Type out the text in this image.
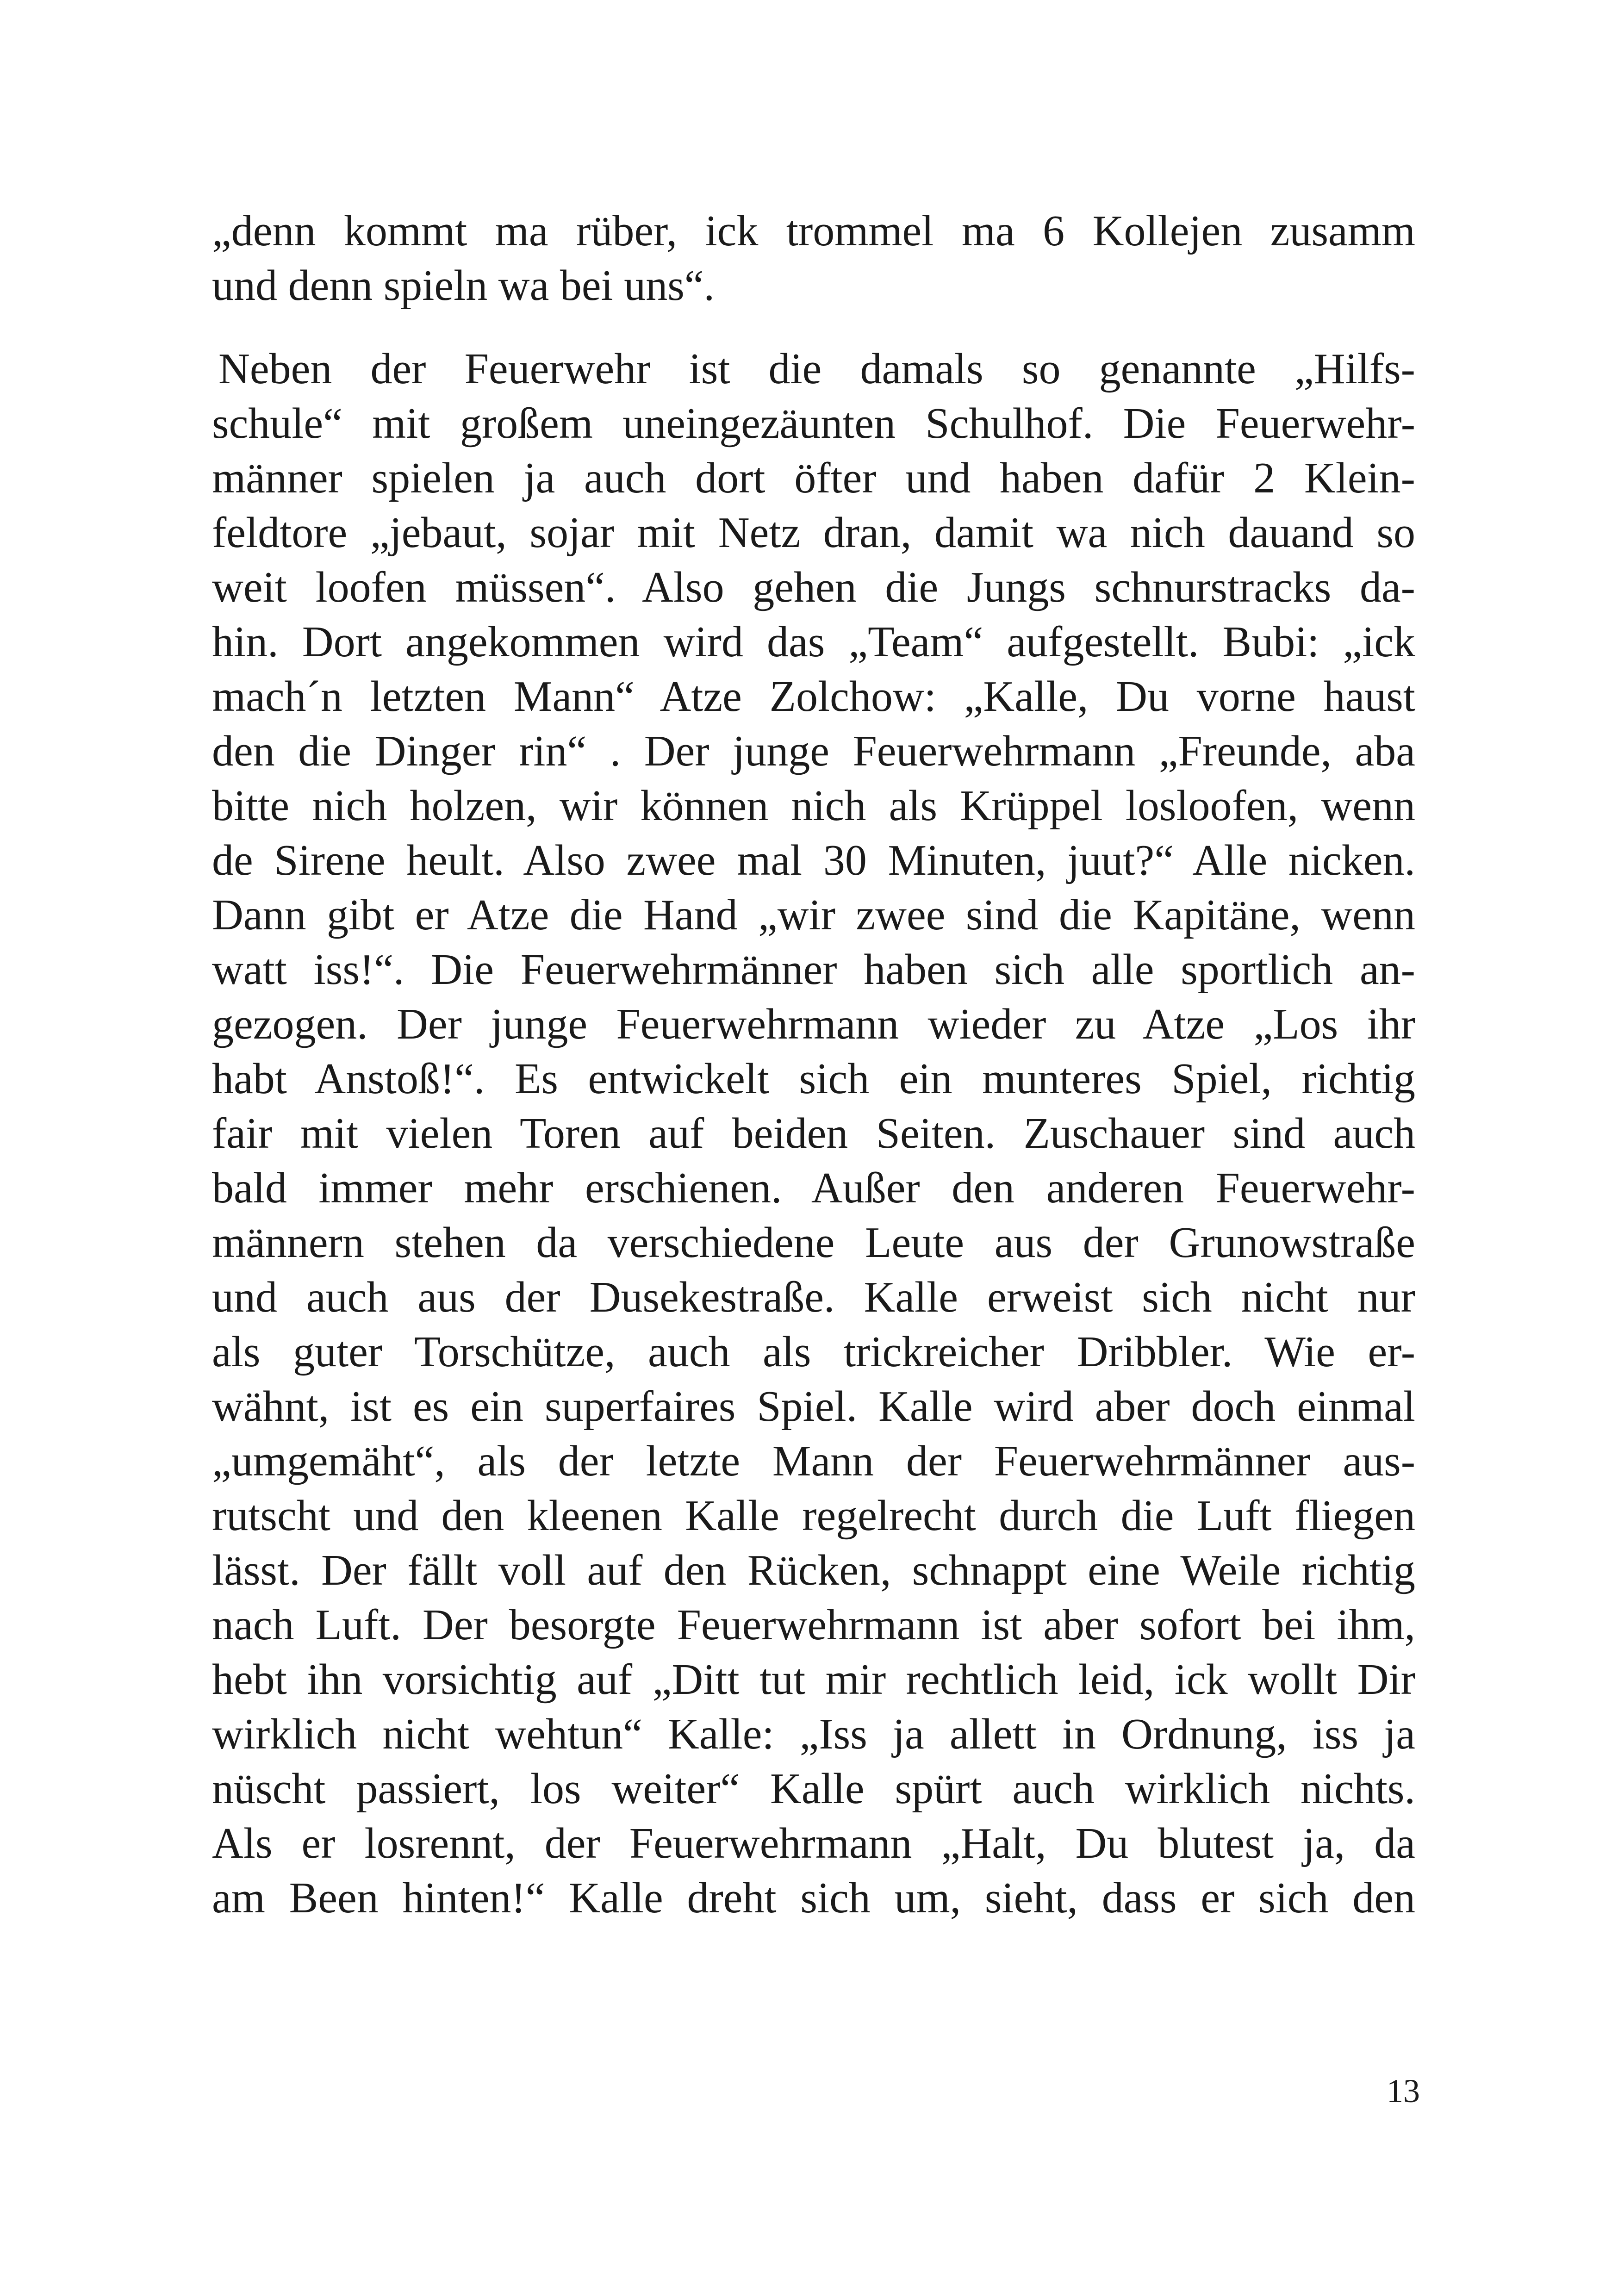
„denn kommt ma rüber, ick trommel ma 6 Kollejen zusamm

und denn spieln wa bei uns“.

Neben der Feuerwehr ist die damals so genannte „Hilfs-

schule“ mit großem uneingezäunten Schulhof. Die Feuerwehr-

männer spielen ja auch dort öfter und haben dafür 2 Klein-

feldtore „jebaut, sojar mit Netz dran, damit wa nich dauand so

weit loofen müssen“. Also gehen die Jungs schnurstracks da-

hin. Dort angekommen wird das „Team“ aufgestellt. Bubi: „ick

mach´n letzten Mann“ Atze Zolchow: „Kalle, Du vorne haust

den die Dinger rin“ . Der junge Feuerwehrmann „Freunde, aba

bitte nich holzen, wir können nich als Krüppel losloofen, wenn

de Sirene heult. Also zwee mal 30 Minuten, juut?“ Alle nicken.

Dann gibt er Atze die Hand „wir zwee sind die Kapitäne, wenn

watt iss!“. Die Feuerwehrmänner haben sich alle sportlich an-

gezogen. Der junge Feuerwehrmann wieder zu Atze „Los ihr

habt Anstoß!“. Es entwickelt sich ein munteres Spiel, richtig

fair mit vielen Toren auf beiden Seiten. Zuschauer sind auch

bald immer mehr erschienen. Außer den anderen Feuerwehr-

männern stehen da verschiedene Leute aus der Grunowstraße

und auch aus der Dusekestraße. Kalle erweist sich nicht nur

als guter Torschütze, auch als trickreicher Dribbler. Wie er-

wähnt, ist es ein superfaires Spiel. Kalle wird aber doch einmal

„umgemäht“, als der letzte Mann der Feuerwehrmänner aus-

rutscht und den kleenen Kalle regelrecht durch die Luft fliegen

lässt. Der fällt voll auf den Rücken, schnappt eine Weile richtig

nach Luft. Der besorgte Feuerwehrmann ist aber sofort bei ihm,

hebt ihn vorsichtig auf „Ditt tut mir rechtlich leid, ick wollt Dir

wirklich nicht wehtun“ Kalle: „Iss ja allett in Ordnung, iss ja

nüscht passiert, los weiter“ Kalle spürt auch wirklich nichts.

Als er losrennt, der Feuerwehrmann „Halt, Du blutest ja, da

am Been hinten!“ Kalle dreht sich um, sieht, dass er sich den

13
